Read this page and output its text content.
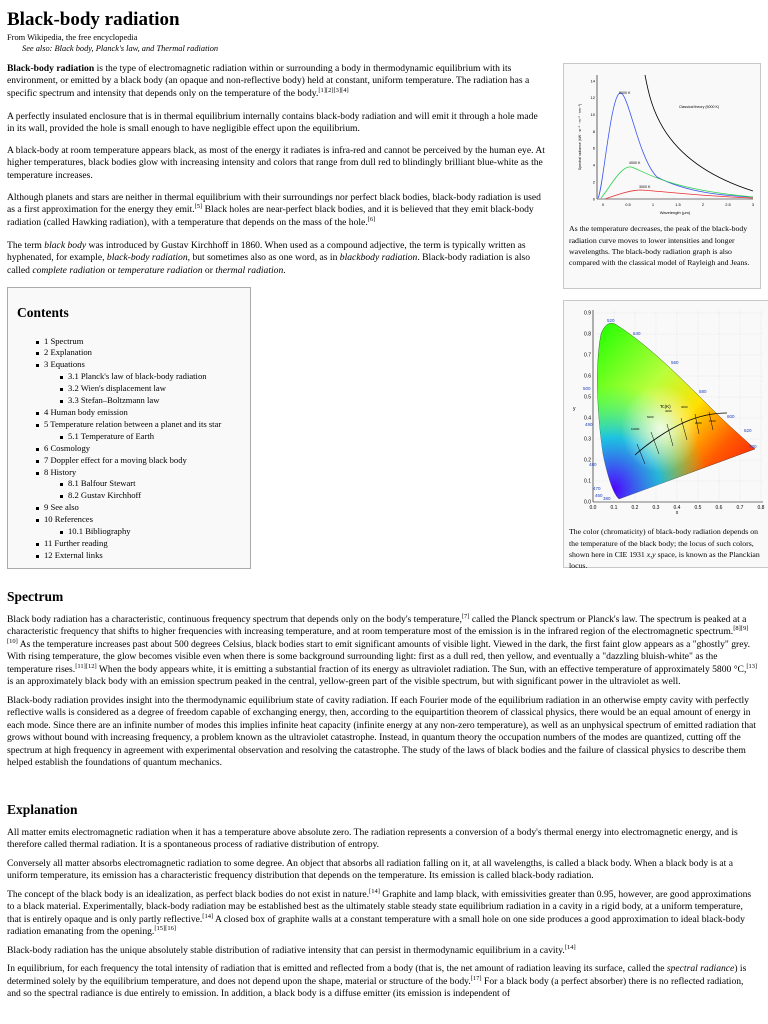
Black-body radiation
From Wikipedia, the free encyclopedia
See also: Black body, Planck's law, and Thermal radiation

Black-body radiation is the type of electromagnetic radiation within or surrounding a body in thermodynamic equilibrium with its environment, or emitted by a black body (an opaque and non-reflective body) held at constant, uniform temperature. The radiation has a specific spectrum and intensity that depends only on the temperature of the body.[1][2][3][4]

A perfectly insulated enclosure that is in thermal equilibrium internally contains black-body radiation and will emit it through a hole made in its wall, provided the hole is small enough to have negligible effect upon the equilibrium.

A black-body at room temperature appears black, as most of the energy it radiates is infra-red and cannot be perceived by the human eye. At higher temperatures, black bodies glow with increasing intensity and colors that range from dull red to blindingly brilliant blue-white as the temperature increases.

Although planets and stars are neither in thermal equilibrium with their surroundings nor perfect black bodies, black-body radiation is used as a first approximation for the energy they emit.[5] Black holes are near-perfect black bodies, and it is believed that they emit black-body radiation (called Hawking radiation), with a temperature that depends on the mass of the hole.[6]

The term black body was introduced by Gustav Kirchhoff in 1860. When used as a compound adjective, the term is typically written as hyphenated, for example, black-body radiation, but sometimes also as one word, as in blackbody radiation. Black-body radiation is also called complete radiation or temperature radiation or thermal radiation.

0
2
4
6
8
10
12
14
0	0.5	1	1.5	2	2.5	3
Spectral radiance (kW · sr⁻¹ · m⁻² · nm⁻¹)
Wavelength (μm)
5000 K
4000 K
3000 K
Classical theory (5000 K)
As the temperature decreases, the peak of the black-body radiation curve moves to lower intensities and longer wavelengths. The black-body radiation graph is also compared with the classical model of Rayleigh and Jeans.
0.0
0.1
0.2
0.3
0.4
0.5
0.6
0.7
0.8
0.9
0.0	0.1	0.2	0.3	0.4	0.5	0.6	0.7	0.8
520
540
560
580
600
620
700
500
490
480
470
460
380
Tc(K)
10000
6000
4000
3000
2000 1500
x
y
The color (chromaticity) of black-body radiation depends on the temperature of the black body; the locus of such colors, shown here in CIE 1931 x,y space, is known as the Planckian locus.
Contents
1 Spectrum
2 Explanation
3 Equations
3.1 Planck's law of black-body radiation
3.2 Wien's displacement law
3.3 Stefan–Boltzmann law
4 Human body emission
5 Temperature relation between a planet and its star
5.1 Temperature of Earth
6 Cosmology
7 Doppler effect for a moving black body
8 History
8.1 Balfour Stewart
8.2 Gustav Kirchhoff
9 See also
10 References
10.1 Bibliography
11 Further reading
12 External links
Spectrum

Black body radiation has a characteristic, continuous frequency spectrum that depends only on the body's temperature,[7] called the Planck spectrum or Planck's law. The spectrum is peaked at a characteristic frequency that shifts to higher frequencies with increasing temperature, and at room temperature most of the emission is in the infrared region of the electromagnetic spectrum.[8][9][10] As the temperature increases past about 500 degrees Celsius, black bodies start to emit significant amounts of visible light. Viewed in the dark, the first faint glow appears as a "ghostly" grey. With rising temperature, the glow becomes visible even when there is some background surrounding light: first as a dull red, then yellow, and eventually a "dazzling bluish-white" as the temperature rises.[11][12] When the body appears white, it is emitting a substantial fraction of its energy as ultraviolet radiation. The Sun, with an effective temperature of approximately 5800 °C,[13] is an approximately black body with an emission spectrum peaked in the central, yellow-green part of the visible spectrum, but with significant power in the ultraviolet as well.

Black-body radiation provides insight into the thermodynamic equilibrium state of cavity radiation. If each Fourier mode of the equilibrium radiation in an otherwise empty cavity with perfectly reflective walls is considered as a degree of freedom capable of exchanging energy, then, according to the equipartition theorem of classical physics, there would be an equal amount of energy in each mode. Since there are an infinite number of modes this implies infinite heat capacity (infinite energy at any non-zero temperature), as well as an unphysical spectrum of emitted radiation that grows without bound with increasing frequency, a problem known as the ultraviolet catastrophe. Instead, in quantum theory the occupation numbers of the modes are quantized, cutting off the spectrum at high frequency in agreement with experimental observation and resolving the catastrophe. The study of the laws of black bodies and the failure of classical physics to describe them helped establish the foundations of quantum mechanics.

Explanation

All matter emits electromagnetic radiation when it has a temperature above absolute zero. The radiation represents a conversion of a body's thermal energy into electromagnetic energy, and is therefore called thermal radiation. It is a spontaneous process of radiative distribution of entropy.

Conversely all matter absorbs electromagnetic radiation to some degree. An object that absorbs all radiation falling on it, at all wavelengths, is called a black body. When a black body is at a uniform temperature, its emission has a characteristic frequency distribution that depends on the temperature. Its emission is called black-body radiation.

The concept of the black body is an idealization, as perfect black bodies do not exist in nature.[14] Graphite and lamp black, with emissivities greater than 0.95, however, are good approximations to a black material. Experimentally, black-body radiation may be established best as the ultimately stable steady state equilibrium radiation in a cavity in a rigid body, at a uniform temperature, that is entirely opaque and is only partly reflective.[14] A closed box of graphite walls at a constant temperature with a small hole on one side produces a good approximation to ideal black-body radiation emanating from the opening.[15][16]

Black-body radiation has the unique absolutely stable distribution of radiative intensity that can persist in thermodynamic equilibrium in a cavity.[14]

In equilibrium, for each frequency the total intensity of radiation that is emitted and reflected from a body (that is, the net amount of radiation leaving its surface, called the spectral radiance) is determined solely by the equilibrium temperature, and does not depend upon the shape, material or structure of the body.[17] For a black body (a perfect absorber) there is no reflected radiation, and so the spectral radiance is due entirely to emission. In addition, a black body is a diffuse emitter (its emission is independent of
